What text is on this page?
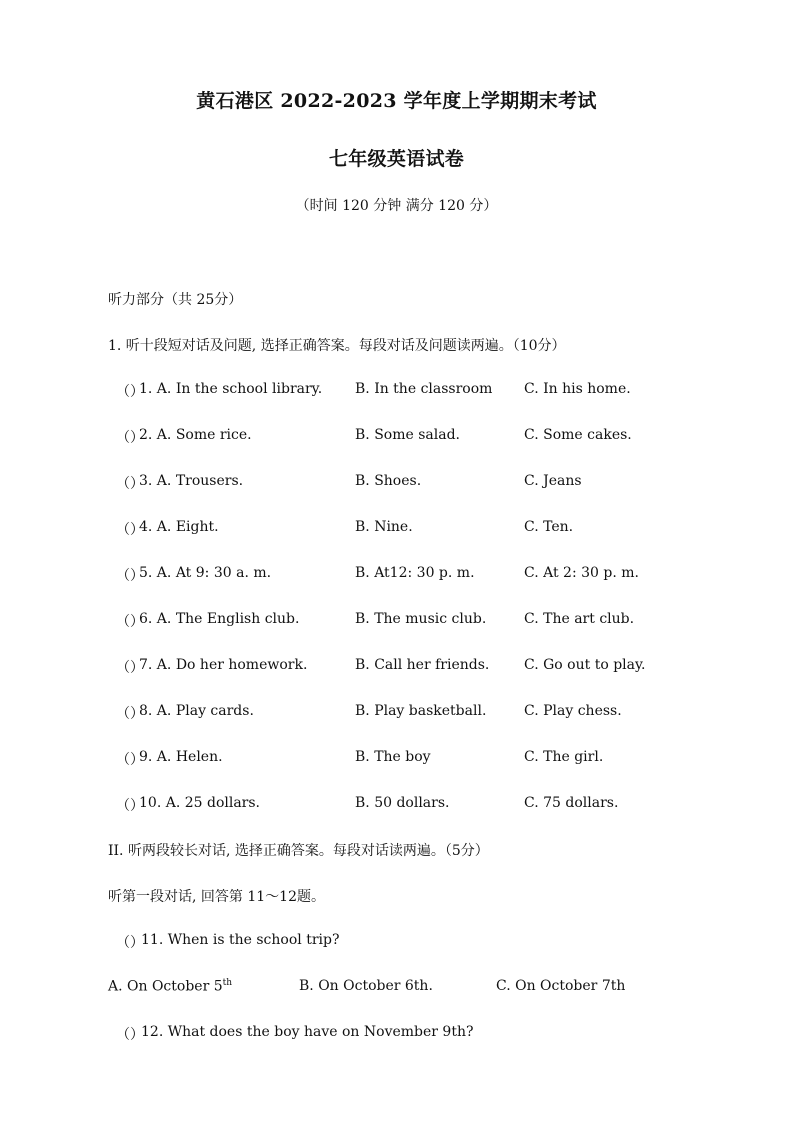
黄石港区 2022-2023 学年度上学期期末考试
七年级英语试卷
（时间 120 分钟 满分 120 分）
听力部分（共 25分）
1. 听十段短对话及问题, 选择正确答案。每段对话及问题读两遍。（10分）
（）
1. A. In the school library. B. In the classroom C. In his home.
（）
2. A. Some rice.	B. Some salad.	C. Some cakes.
（）
3. A. Trousers.	B. Shoes.	C. Jeans
（）
4. A. Eight.	B. Nine.	C. Ten.
（）
5. A. At 9: 30 a. m.	B. At12: 30 p. m.	C. At 2: 30 p. m.
（）
6. A. The English club.	B. The music club.	C. The art club.
（）
7. A. Do her homework.	B. Call her friends. C. Go out to play.
（）
8. A. Play cards.	B. Play basketball.	C. Play chess.
（）
9. A. Helen.	B. The boy	C. The girl.
（）
10. A. 25 dollars.	B. 50 dollars.	C. 75 dollars.
II. 听两段较长对话, 选择正确答案。每段对话读两遍。（5分）
听第一段对话, 回答第 11～12题。
（）
11. When is the school trip?
A. On October 5th	B. On October 6th.	C. On October 7th
（）
12. What does the boy have on November 9th?
